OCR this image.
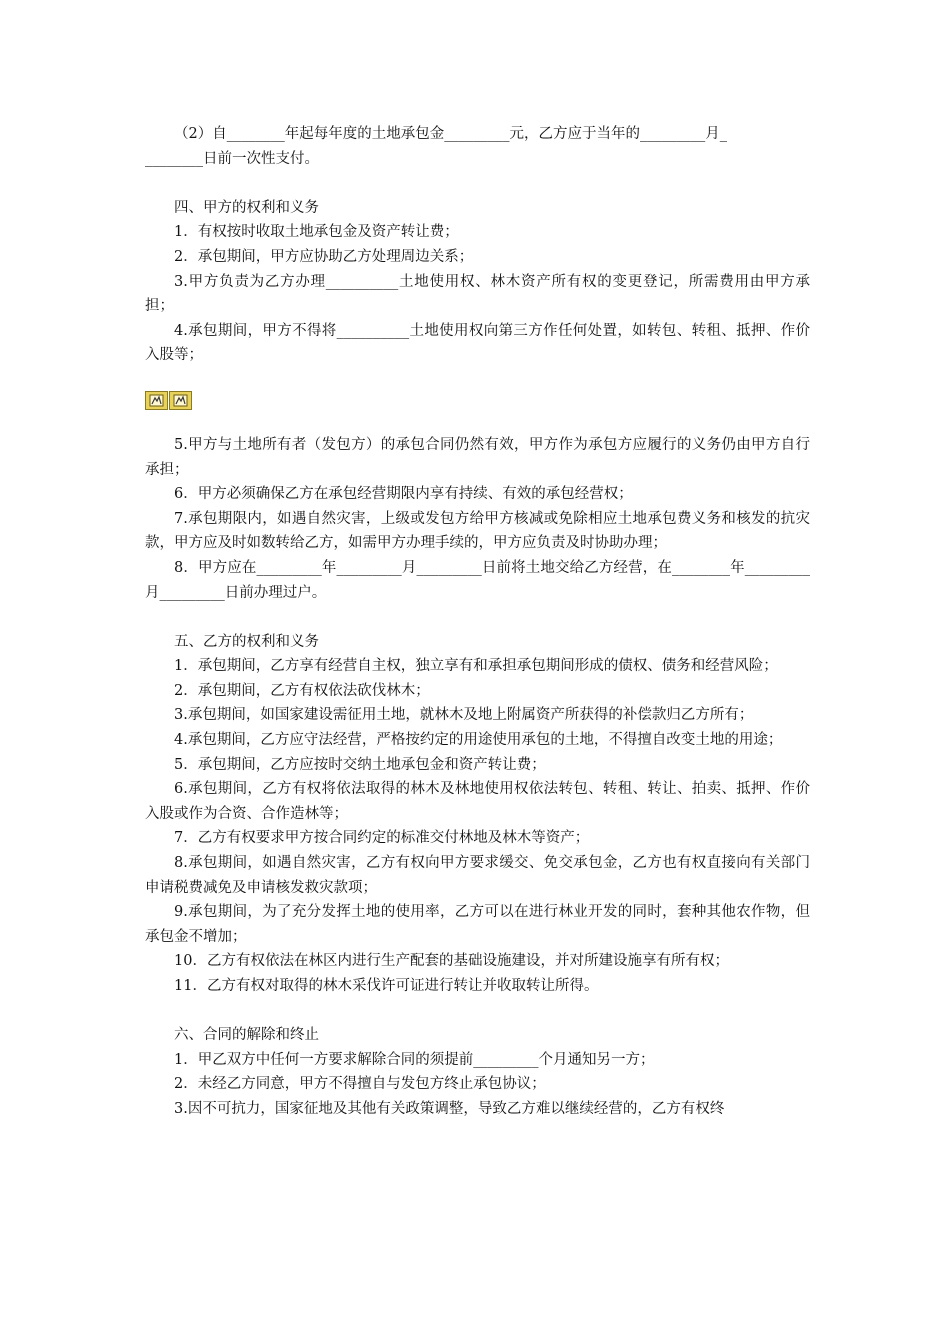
（2）自________年起每年度的土地承包金_________元，乙方应于当年的_________月_

________日前一次性支付。

四、甲方的权利和义务

1．有权按时收取土地承包金及资产转让费；

2．承包期间，甲方应协助乙方处理周边关系；

3.甲方负责为乙方办理__________土地使用权、林木资产所有权的变更登记，所需费用由甲方承担；

4.承包期间，甲方不得将__________土地使用权向第三方作任何处置，如转包、转租、抵押、作价入股等；

5.甲方与土地所有者（发包方）的承包合同仍然有效，甲方作为承包方应履行的义务仍由甲方自行承担；

6．甲方必须确保乙方在承包经营期限内享有持续、有效的承包经营权；

7.承包期限内，如遇自然灾害，上级或发包方给甲方核减或免除相应土地承包费义务和核发的抗灾款，甲方应及时如数转给乙方，如需甲方办理手续的，甲方应负责及时协助办理；

8．甲方应在_________年_________月_________日前将土地交给乙方经营，在________年_________月_________日前办理过户。

五、乙方的权利和义务

1．承包期间，乙方享有经营自主权，独立享有和承担承包期间形成的债权、债务和经营风险；

2．承包期间，乙方有权依法砍伐林木；

3.承包期间，如国家建设需征用土地，就林木及地上附属资产所获得的补偿款归乙方所有；

4.承包期间，乙方应守法经营，严格按约定的用途使用承包的土地，不得擅自改变土地的用途；

5．承包期间，乙方应按时交纳土地承包金和资产转让费；

6.承包期间，乙方有权将依法取得的林木及林地使用权依法转包、转租、转让、拍卖、抵押、作价入股或作为合资、合作造林等；

7．乙方有权要求甲方按合同约定的标准交付林地及林木等资产；

8.承包期间，如遇自然灾害，乙方有权向甲方要求缓交、免交承包金，乙方也有权直接向有关部门申请税费减免及申请核发救灾款项；

9.承包期间，为了充分发挥土地的使用率，乙方可以在进行林业开发的同时，套种其他农作物，但承包金不增加；

10．乙方有权依法在林区内进行生产配套的基础设施建设，并对所建设施享有所有权；

11．乙方有权对取得的林木采伐许可证进行转让并收取转让所得。

六、合同的解除和终止

1．甲乙双方中任何一方要求解除合同的须提前_________个月通知另一方；

2．未经乙方同意，甲方不得擅自与发包方终止承包协议；

3.因不可抗力，国家征地及其他有关政策调整，导致乙方难以继续经营的，乙方有权终
